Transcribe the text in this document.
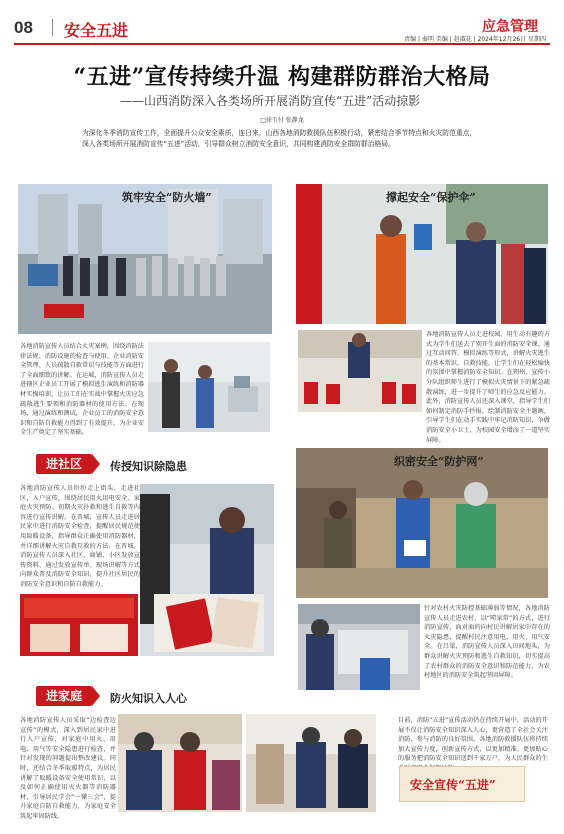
08 安全五进	应急管理
责编 | 秦明 美编 | 赵淑花 | 2024年12月26日 星期四
“五进”宣传持续升温 构建群防群治大格局
——山西消防深入各类场所开展消防宣传“五进”活动掠影
□徐玉付 张静龙

为深化冬季消防宣传工作，全面提升公众安全素质，连日来，山西各地消防救援队伍积极行动，紧密结合季节特点和火灾防范重点，深入各类场所开展消防宣传“五进”活动，引导群众树立消防安全意识，共同构建消防安全群防群治格局。

筑牢安全“防火墙”

各地消防宣传人员结合火灾案例，围绕消防法律法规、消防设施的检查与使用、企业消防安全管理、人员疏散自救常识与技能等方面进行了全面细致的讲解。在运城，消防宣传人员走进辖区企业员工开展了模拟逃生演练和消防器材实操培训，让员工们在实战中掌握火灾应急疏散逃生要领和消防器材的使用方法。在现场，通过演练和测试，企业员工的消防安全意识和自防自救能力得到了有效提升，为企业安全生产奠定了坚实基础。

撑起安全“保护伞”

各地消防宣传人员走进校园，用生动有趣的方式为学生们送去了别开生面的消防安全课。通过互动问答、模拟演练等形式，讲解火灾逃生的基本常识、自救技能，让学生们在轻松愉快的氛围中掌握消防安全知识。在朔州，宣传小分队组织师生进行了模拟火灾情景下的紧急疏散演练，进一步提升了师生的应急反应能力。此外，消防宣传人员还深入课堂，指导学生们如何制定消防手抄报、绘制消防安全主题画，引导学生们在动手实践中牢记消防知识，争做消防安全小卫士，为校园安全增添了一道坚实屏障。

进社区	传授知识除隐患

各地消防宣传人员纷纷走上街头，走进社区，入户宣传，围绕居民用火用电安全、家庭火灾预防、初期火灾扑救和逃生自救等内容进行宣传讲解。在晋城，宣传人员走进居民家中进行消防安全检查，提醒居民规范使用取暖设备，指导群众正确使用消防器材，并详细讲解火灾自救互救的方法。在晋城，消防宣传人员深入社区、商铺、小区发放宣传资料，通过发放宣传单、现场讲解等方式向群众普及消防安全知识，提升社区居民的消防安全意识和自防自救能力。

织密安全“防护网”

针对农村火灾防控基础薄弱等情况，各地消防宣传人员走进农村，以“唠家常”的方式，进行消防宣传，面对面的向村民讲解居家中存在的火灾隐患，提醒村民注意用电、用火、用气安全。在吕梁，消防宣传人员深入田间地头，为群众讲解火灾预防和逃生自救知识，切实提高了农村群众的消防安全意识和防范能力，为农村地区的消防安全筑起坚固屏障。

进家庭	防火知识入人心

各地消防宣传人员采取“边检查边宣传”的模式，深入到居民家中进行入户宣传，对家庭中用火、用电、用气等安全隐患进行检查，并针对发现的问题提出整改建议。同时，还结合冬季取暖特点，为居民讲解了取暖设备安全使用常识，以及如何正确使用灭火器等消防器材，引导居民学会“一懂三会”，提升家庭自防自救能力，为家庭安全筑起牢固防线。

目前，消防“五进”宣传活动仍在持续开展中，活动的开展不仅让消防安全知识深入人心，更营造了全社会关注消防、参与消防的良好氛围。各地消防救援队伍将持续加大宣传力度，创新宣传方式，以更加精准、更加贴心的服务把消防安全知识送到千家万户，为人民群众的生

安全宣传“五进”
